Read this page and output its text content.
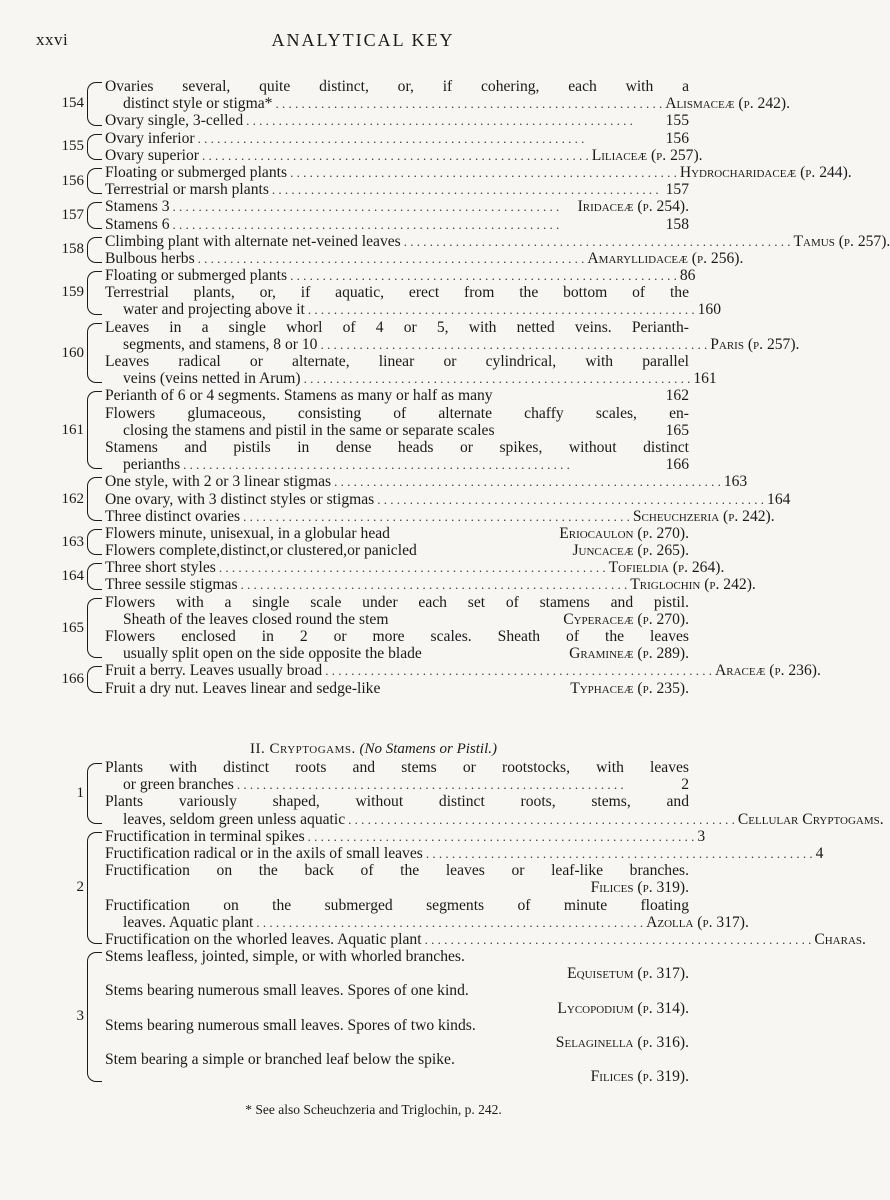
xxvi	ANALYTICAL KEY
154
Ovaries several, quite distinct, or, if cohering, each with a
distinct style or stigma* . . . . . . . . . . . . . . . . . . . . . . . . . . . . . . . . . . . . . . . . . . . . . . . . . . . . . . . . . . . . Alismaceæ (p. 242).
Ovary single, 3-celled . . . . . . . . . . . . . . . . . . . . . . . . . . . . . . . . . . . . . . . . . . . . . . . . . . . . . . . . . . . .	155
155 Ovary inferior . . . . . . . . . . . . . . . . . . . . . . . . . . . . . . . . . . . . . . . . . . . . . . . . . . . . . . . . . . . .	156
Ovary superior . . . . . . . . . . . . . . . . . . . . . . . . . . . . . . . . . . . . . . . . . . . . . . . . . . . . . . . . . . . . Liliaceæ (p. 257).
156 Floating or submerged plants . . . . . . . . . . . . . . . . . . . . . . . . . . . . . . . . . . . . . . . . . . . . . . . . . . . . . . . . . . . . Hydrocharidaceæ (p. 244).
Terrestrial or marsh plants . . . . . . . . . . . . . . . . . . . . . . . . . . . . . . . . . . . . . . . . . . . . . . . . . . . . . . . . . . . . 157
157 Stamens 3 . . . . . . . . . . . . . . . . . . . . . . . . . . . . . . . . . . . . . . . . . . . . . . . . . . . . . . . . . . . .	Iridaceæ (p. 254).
Stamens 6 . . . . . . . . . . . . . . . . . . . . . . . . . . . . . . . . . . . . . . . . . . . . . . . . . . . . . . . . . . . .	158
158 Climbing plant with alternate net-veined leaves . . . . . . . . . . . . . . . . . . . . . . . . . . . . . . . . . . . . . . . . . . . . . . . . . . . . . . . . . . . . Tamus (p. 257).
Bulbous herbs . . . . . . . . . . . . . . . . . . . . . . . . . . . . . . . . . . . . . . . . . . . . . . . . . . . . . . . . . . . . Amaryllidaceæ (p. 256).
159
Floating or submerged plants . . . . . . . . . . . . . . . . . . . . . . . . . . . . . . . . . . . . . . . . . . . . . . . . . . . . . . . . . . . . 86
Terrestrial plants, or, if aquatic, erect from the bottom of the
water and projecting above it . . . . . . . . . . . . . . . . . . . . . . . . . . . . . . . . . . . . . . . . . . . . . . . . . . . . . . . . . . . . 160
160
Leaves in a single whorl of 4 or 5, with netted veins. Perianth-
segments, and stamens, 8 or 10 . . . . . . . . . . . . . . . . . . . . . . . . . . . . . . . . . . . . . . . . . . . . . . . . . . . . . . . . . . . . Paris (p. 257).
Leaves radical or alternate, linear or cylindrical, with parallel
veins (veins netted in Arum) . . . . . . . . . . . . . . . . . . . . . . . . . . . . . . . . . . . . . . . . . . . . . . . . . . . . . . . . . . . . 161
161
Perianth of 6 or 4 segments. Stamens as many or half as many	162
Flowers glumaceous, consisting of alternate chaffy scales, en-
closing the stamens and pistil in the same or separate scales	165
Stamens and pistils in dense heads or spikes, without distinct
perianths . . . . . . . . . . . . . . . . . . . . . . . . . . . . . . . . . . . . . . . . . . . . . . . . . . . . . . . . . . . .	166
162
One style, with 2 or 3 linear stigmas . . . . . . . . . . . . . . . . . . . . . . . . . . . . . . . . . . . . . . . . . . . . . . . . . . . . . . . . . . . . 163
One ovary, with 3 distinct styles or stigmas . . . . . . . . . . . . . . . . . . . . . . . . . . . . . . . . . . . . . . . . . . . . . . . . . . . . . . . . . . . . 164
Three distinct ovaries . . . . . . . . . . . . . . . . . . . . . . . . . . . . . . . . . . . . . . . . . . . . . . . . . . . . . . . . . . . . Scheuchzeria (p. 242).
163 Flowers minute, unisexual, in a globular head	Eriocaulon (p. 270).
Flowers complete,distinct,or clustered,or panicled	Juncaceæ (p. 265).
164 Three short styles . . . . . . . . . . . . . . . . . . . . . . . . . . . . . . . . . . . . . . . . . . . . . . . . . . . . . . . . . . . . Tofieldia (p. 264).
Three sessile stigmas . . . . . . . . . . . . . . . . . . . . . . . . . . . . . . . . . . . . . . . . . . . . . . . . . . . . . . . . . . . . Triglochin (p. 242).
165
Flowers with a single scale under each set of stamens and pistil.
Sheath of the leaves closed round the stem	Cyperaceæ (p. 270).
Flowers enclosed in 2 or more scales. Sheath of the leaves
usually split open on the side opposite the blade	Gramineæ (p. 289).
166 Fruit a berry. Leaves usually broad . . . . . . . . . . . . . . . . . . . . . . . . . . . . . . . . . . . . . . . . . . . . . . . . . . . . . . . . . . . . Araceæ (p. 236).
Fruit a dry nut. Leaves linear and sedge-like	Typhaceæ (p. 235).
II. Cryptogams. (No Stamens or Pistil.)
1
Plants with distinct roots and stems or rootstocks, with leaves
or green branches . . . . . . . . . . . . . . . . . . . . . . . . . . . . . . . . . . . . . . . . . . . . . . . . . . . . . . . . . . . .	2
Plants variously shaped, without distinct roots, stems, and
leaves, seldom green unless aquatic . . . . . . . . . . . . . . . . . . . . . . . . . . . . . . . . . . . . . . . . . . . . . . . . . . . . . . . . . . . . Cellular Cryptogams.
2
Fructification in terminal spikes . . . . . . . . . . . . . . . . . . . . . . . . . . . . . . . . . . . . . . . . . . . . . . . . . . . . . . . . . . . . 3
Fructification radical or in the axils of small leaves . . . . . . . . . . . . . . . . . . . . . . . . . . . . . . . . . . . . . . . . . . . . . . . . . . . . . . . . . . . . 4
Fructification on the back of the leaves or leaf-like branches.
Filices (p. 319).
Fructification on the submerged segments of minute floating
leaves. Aquatic plant . . . . . . . . . . . . . . . . . . . . . . . . . . . . . . . . . . . . . . . . . . . . . . . . . . . . . . . . . . . . Azolla (p. 317).
Fructification on the whorled leaves. Aquatic plant . . . . . . . . . . . . . . . . . . . . . . . . . . . . . . . . . . . . . . . . . . . . . . . . . . . . . . . . . . . . Charas.
3
Stems leafless, jointed, simple, or with whorled branches.
Equisetum (p. 317).
Stems bearing numerous small leaves. Spores of one kind.
Lycopodium (p. 314).
Stems bearing numerous small leaves. Spores of two kinds.
Selaginella (p. 316).
Stem bearing a simple or branched leaf below the spike.
Filices (p. 319).
* See also Scheuchzeria and Triglochin, p. 242.
